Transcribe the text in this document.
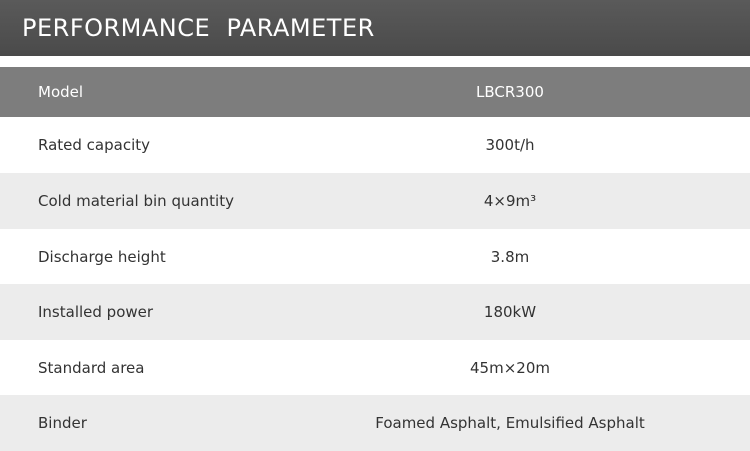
PERFORMANCE  PARAMETER
Model	LBCR300
Rated capacity	300t/h
Cold material bin quantity	4×9m³
Discharge height	3.8m
Installed power	180kW
Standard area	45m×20m
Binder	Foamed Asphalt, Emulsified Asphalt
